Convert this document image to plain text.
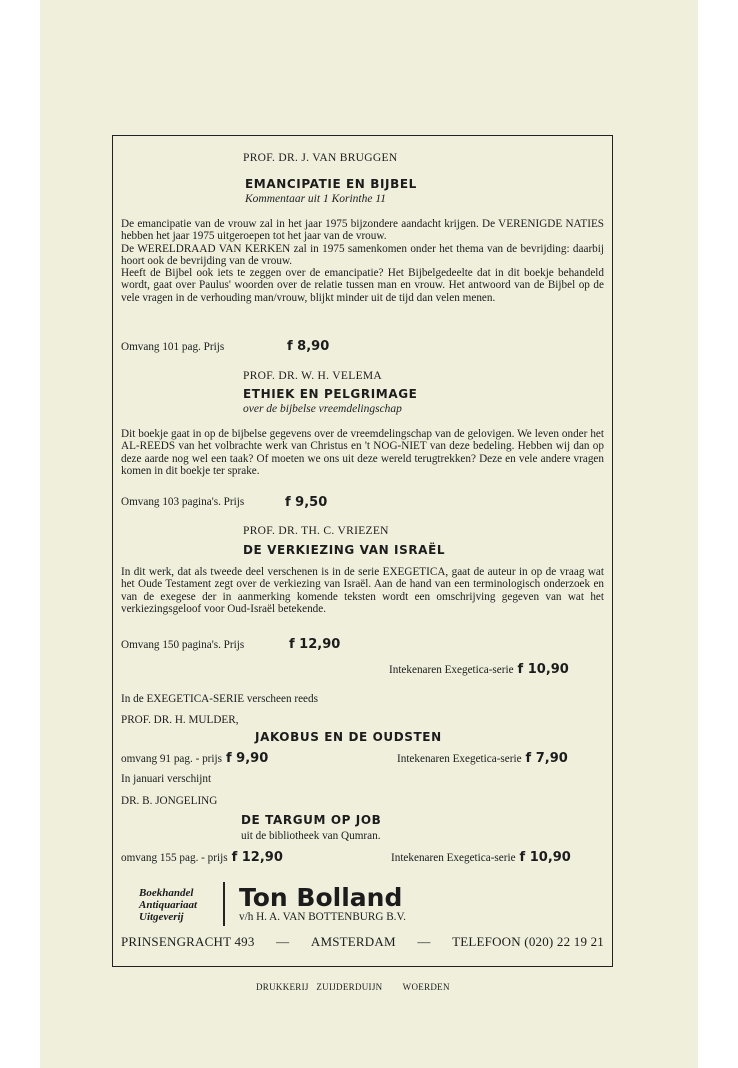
PROF. DR. J. VAN BRUGGEN
EMANCIPATIE EN BIJBEL
Kommentaar uit 1 Korinthe 11

De emancipatie van de vrouw zal in het jaar 1975 bijzondere aandacht krijgen. De VERENIGDE NATIES hebben het jaar 1975 uitgeroepen tot het jaar van de vrouw.

De WERELDRAAD VAN KERKEN zal in 1975 samenkomen onder het thema van de bevrijding: daarbij hoort ook de bevrijding van de vrouw.

Heeft de Bijbel ook iets te zeggen over de emancipatie? Het Bijbelgedeelte dat in dit boekje behandeld wordt, gaat over Paulus' woorden over de relatie tussen man en vrouw. Het antwoord van de Bijbel op de vele vragen in de verhouding man/vrouw, blijkt minder uit de tijd dan velen menen.

Omvang 101 pag. Prijs	f 8,90
PROF. DR. W. H. VELEMA
ETHIEK EN PELGRIMAGE
over de bijbelse vreemdelingschap

Dit boekje gaat in op de bijbelse gegevens over de vreemdelingschap van de gelovigen. We leven onder het AL-REEDS van het volbrachte werk van Christus en 't NOG-NIET van deze bedeling. Hebben wij dan op deze aarde nog wel een taak? Of moeten we ons uit deze wereld terugtrekken? Deze en vele andere vragen komen in dit boekje ter sprake.

Omvang 103 pagina's. Prijs	f 9,50
PROF. DR. TH. C. VRIEZEN
DE VERKIEZING VAN ISRAËL

In dit werk, dat als tweede deel verschenen is in de serie EXEGETICA, gaat de auteur in op de vraag wat het Oude Testament zegt over de verkiezing van Israël. Aan de hand van een terminologisch onderzoek en van de exegese der in aanmerking komende teksten wordt een omschrijving gegeven van wat het verkiezingsgeloof voor Oud-Israël betekende.

Omvang 150 pagina's. Prijs	f 12,90
Intekenaren Exegetica-serie f 10,90
In de EXEGETICA-SERIE verscheen reeds
PROF. DR. H. MULDER,
JAKOBUS EN DE OUDSTEN
omvang 91 pag. - prijs f 9,90	Intekenaren Exegetica-serie f 7,90
In januari verschijnt
DR. B. JONGELING
DE TARGUM OP JOB
uit de bibliotheek van Qumran.
omvang 155 pag. - prijs f 12,90	Intekenaren Exegetica-serie f 10,90
Boekhandel
Antiquariaat
Uitgeverij
Ton Bolland
v/h H. A. VAN BOTTENBURG B.V.
PRINSENGRACHT 493 — AMSTERDAM — TELEFOON (020) 22 19 21
DRUKKERIJ   ZUIJDERDUIJN        WOERDEN
